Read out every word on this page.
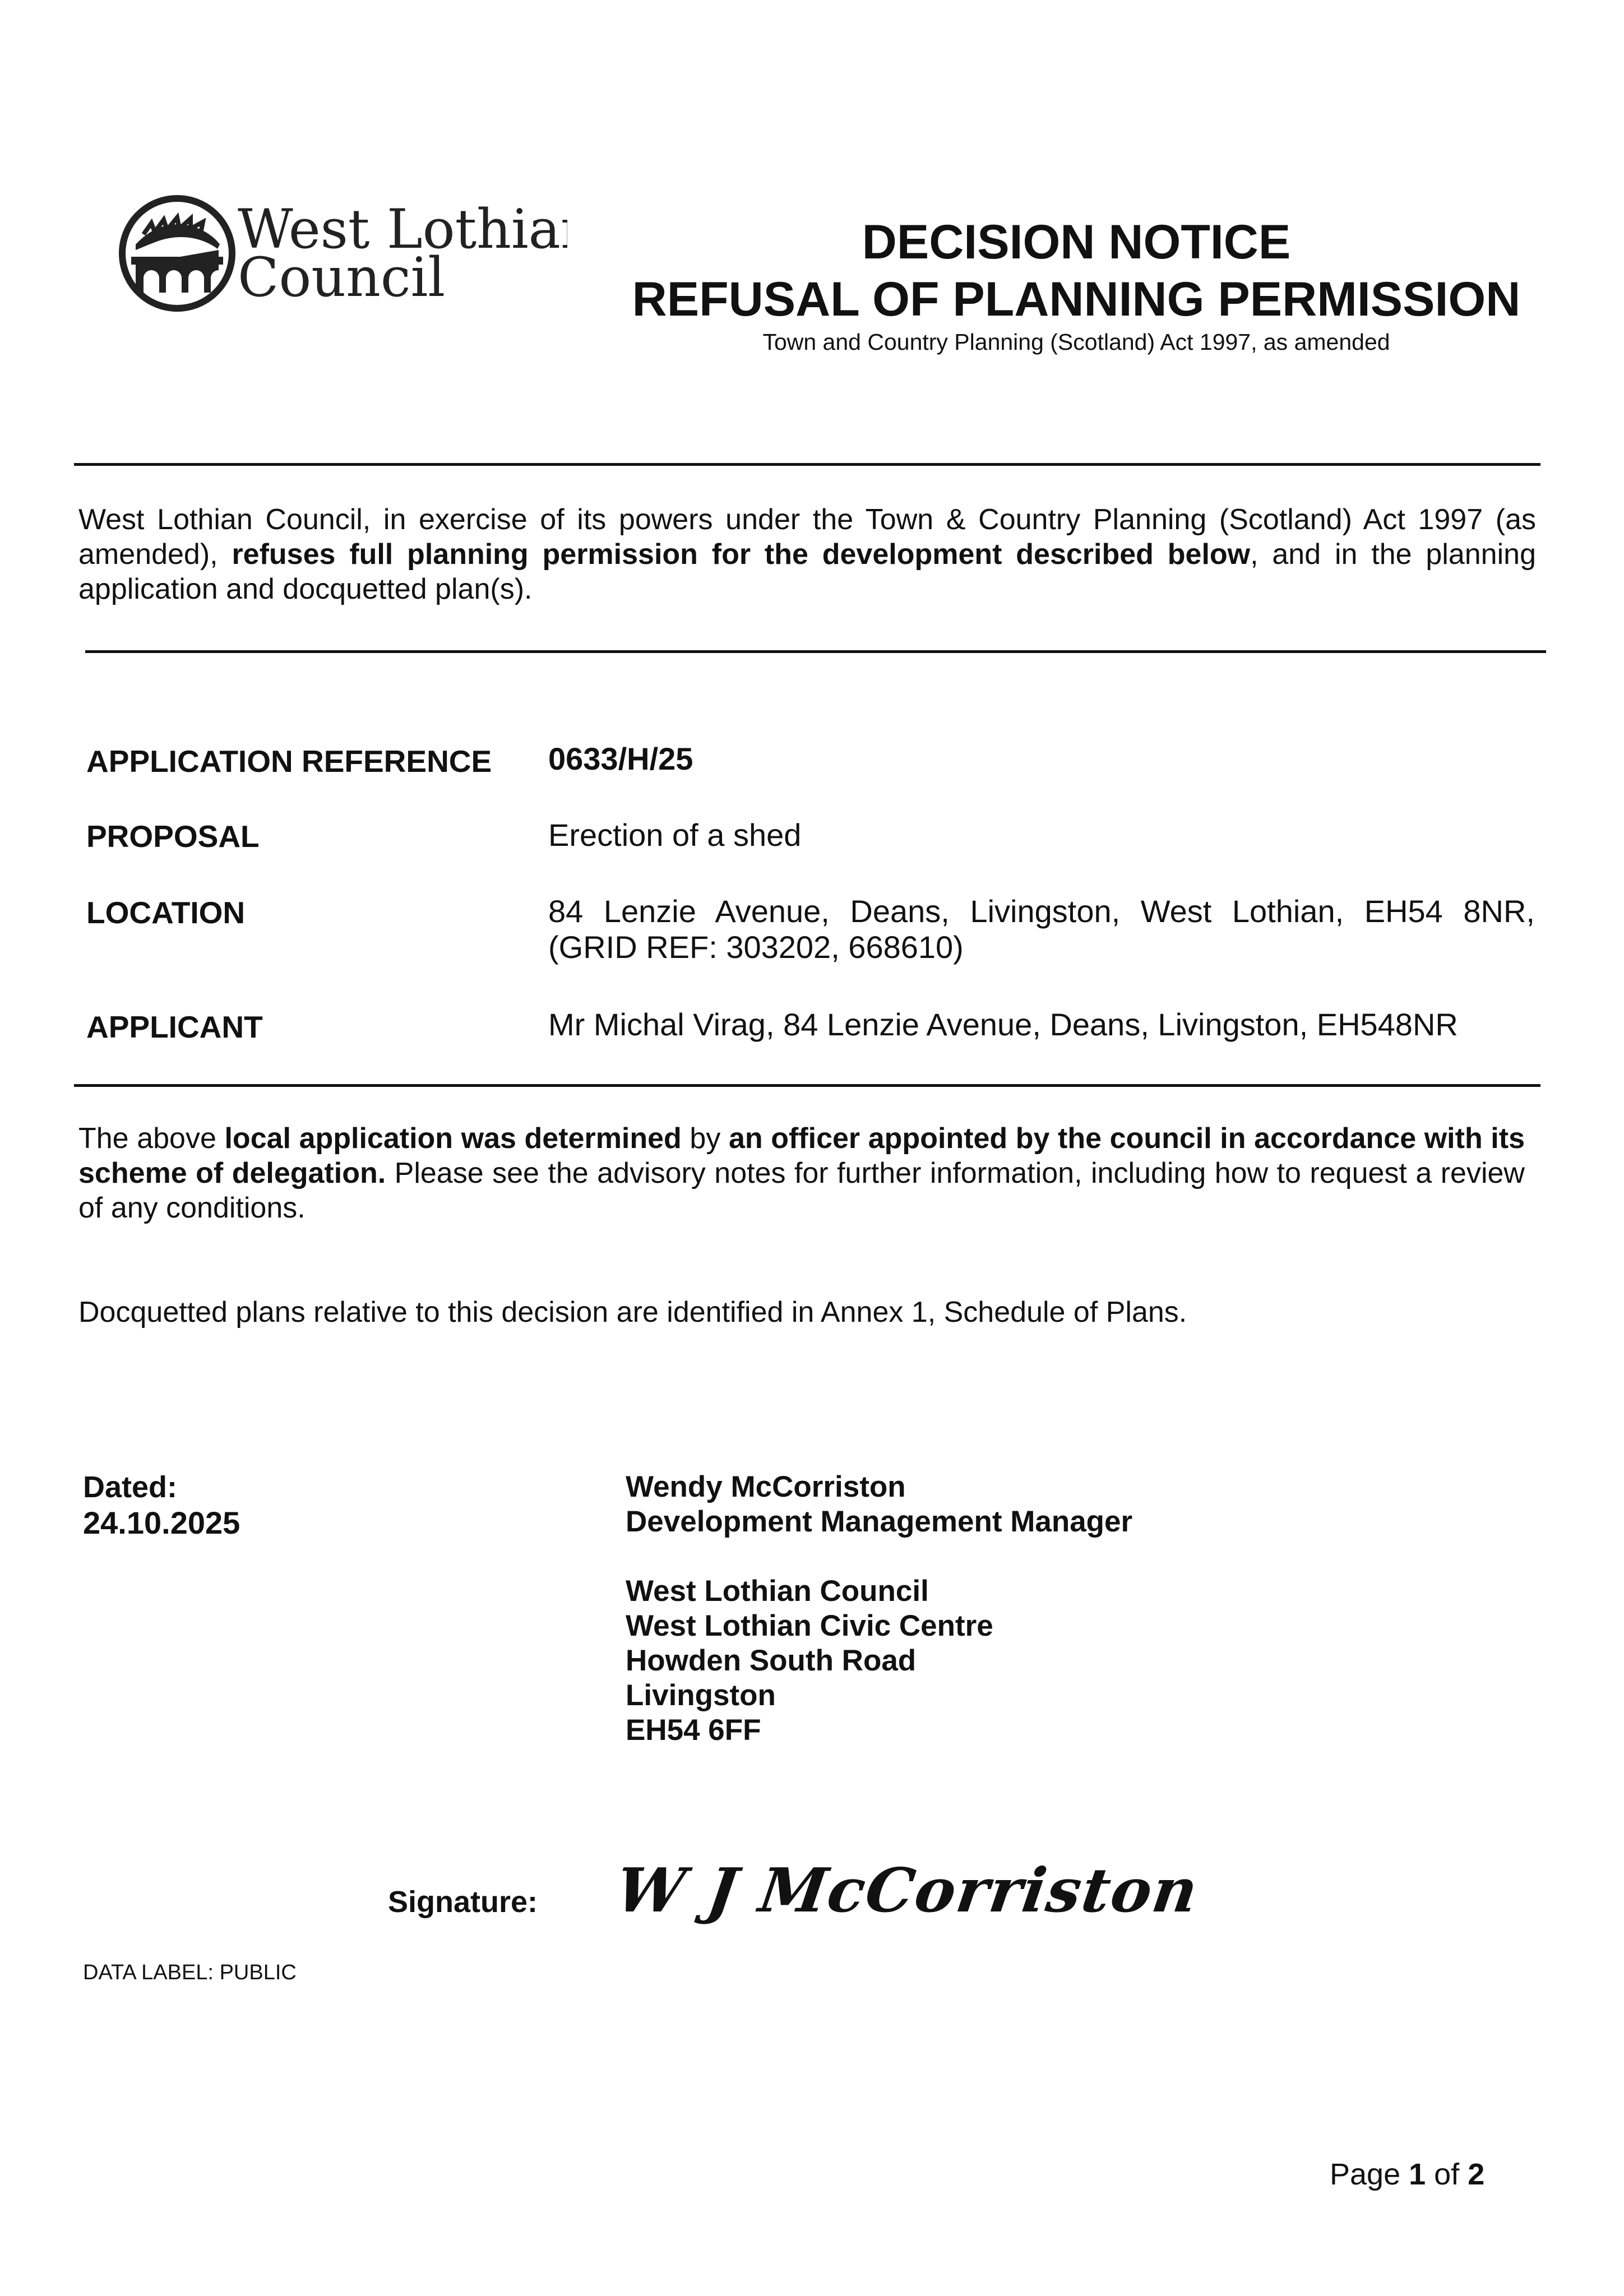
West Lothian
Council
DECISION NOTICE
REFUSAL OF PLANNING PERMISSION
Town and Country Planning (Scotland) Act 1997, as amended
West Lothian Council, in exercise of its powers under the Town & Country Planning (Scotland) Act 1997 (as amended), refuses full planning permission for the development described below, and in the planning application and docquetted plan(s).
APPLICATION REFERENCE 0633/H/25
PROPOSAL	Erection of a shed
LOCATION	84 Lenzie Avenue, Deans, Livingston, West Lothian, EH54 8NR, (GRID REF: 303202, 668610)
APPLICANT	Mr Michal Virag, 84 Lenzie Avenue, Deans, Livingston, EH548NR
The above local application was determined by an officer appointed by the council in accordance with its scheme of delegation. Please see the advisory notes for further information, including how to request a review of any conditions.
Docquetted plans relative to this decision are identified in Annex 1, Schedule of Plans.
Dated:
24.10.2025
Wendy McCorriston
Development Management Manager
West Lothian Council
West Lothian Civic Centre
Howden South Road
Livingston
EH54 6FF
Signature: W J McCorriston
DATA LABEL: PUBLIC
Page 1 of 2
